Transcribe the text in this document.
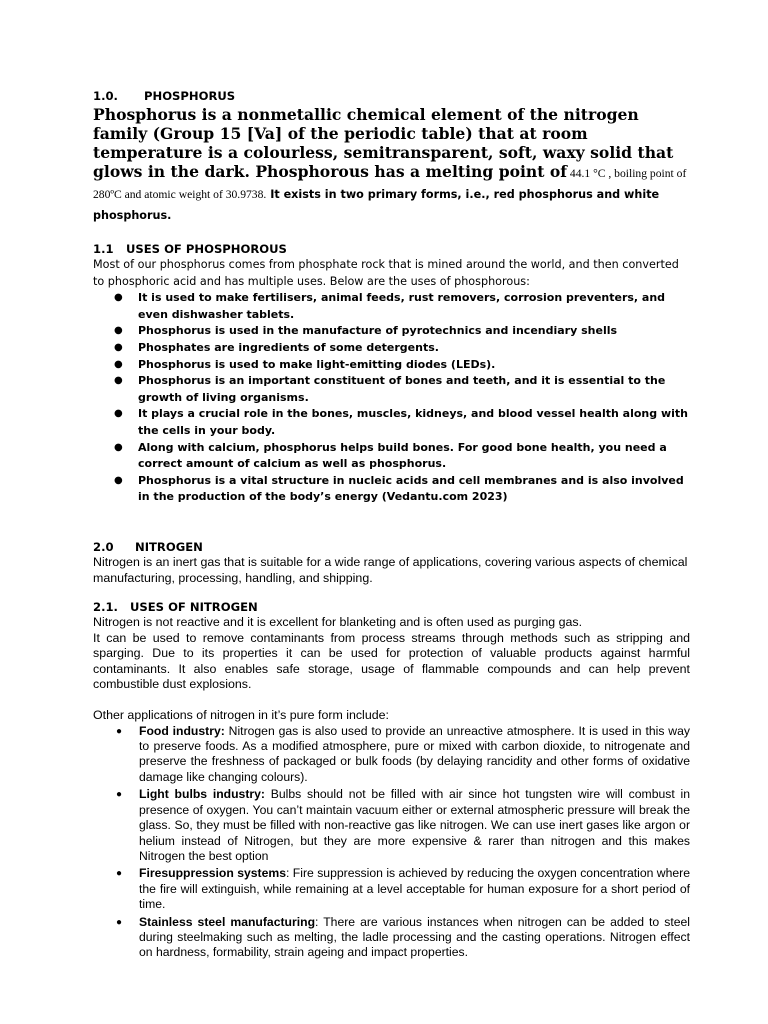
1.0. PHOSPHORUS
Phosphorus is a nonmetallic chemical element of the nitrogen family (Group 15 [Va] of the periodic table) that at room temperature is a colourless, semitransparent, soft, waxy solid that glows in the dark. Phosphorous has a melting point of 44.1 °C , boiling point of 280ºC and atomic weight of 30.9738. It exists in two primary forms, i.e., red phosphorus and white phosphorus.
1.1 USES OF PHOSPHOROUS
Most of our phosphorus comes from phosphate rock that is mined around the world, and then converted to phosphoric acid and has multiple uses. Below are the uses of phosphorous:
● It is used to make fertilisers, animal feeds, rust removers, corrosion preventers, and even dishwasher tablets.
● Phosphorus is used in the manufacture of pyrotechnics and incendiary shells
● Phosphates are ingredients of some detergents.
● Phosphorus is used to make light-emitting diodes (LEDs).
● Phosphorus is an important constituent of bones and teeth, and it is essential to the growth of living organisms.
● It plays a crucial role in the bones, muscles, kidneys, and blood vessel health along with the cells in your body.
● Along with calcium, phosphorus helps build bones. For good bone health, you need a correct amount of calcium as well as phosphorus.
● Phosphorus is a vital structure in nucleic acids and cell membranes and is also involved in the production of the body’s energy (Vedantu.com 2023)
2.0 NITROGEN
Nitrogen is an inert gas that is suitable for a wide range of applications, covering various aspects of chemical manufacturing, processing, handling, and shipping.
2.1. USES OF NITROGEN
Nitrogen is not reactive and it is excellent for blanketing and is often used as purging gas.
It can be used to remove contaminants from process streams through methods such as stripping and sparging. Due to its properties it can be used for protection of valuable products against harmful contaminants. It also enables safe storage, usage of flammable compounds and can help prevent combustible dust explosions.
Other applications of nitrogen in it’s pure form include:
● Food industry: Nitrogen gas is also used to provide an unreactive atmosphere. It is used in this way to preserve foods. As a modified atmosphere, pure or mixed with carbon dioxide, to nitrogenate and preserve the freshness of packaged or bulk foods (by delaying rancidity and other forms of oxidative damage like changing colours).
● Light bulbs industry: Bulbs should not be filled with air since hot tungsten wire will combust in presence of oxygen. You can’t maintain vacuum either or external atmospheric pressure will break the glass. So, they must be filled with non-reactive gas like nitrogen. We can use inert gases like argon or helium instead of Nitrogen, but they are more expensive & rarer than nitrogen and this makes Nitrogen the best option
● Firesuppression systems: Fire suppression is achieved by reducing the oxygen concentration where the fire will extinguish, while remaining at a level acceptable for human exposure for a short period of time.
● Stainless steel manufacturing: There are various instances when nitrogen can be added to steel during steelmaking such as melting, the ladle processing and the casting operations. Nitrogen effect on hardness, formability, strain ageing and impact properties.
